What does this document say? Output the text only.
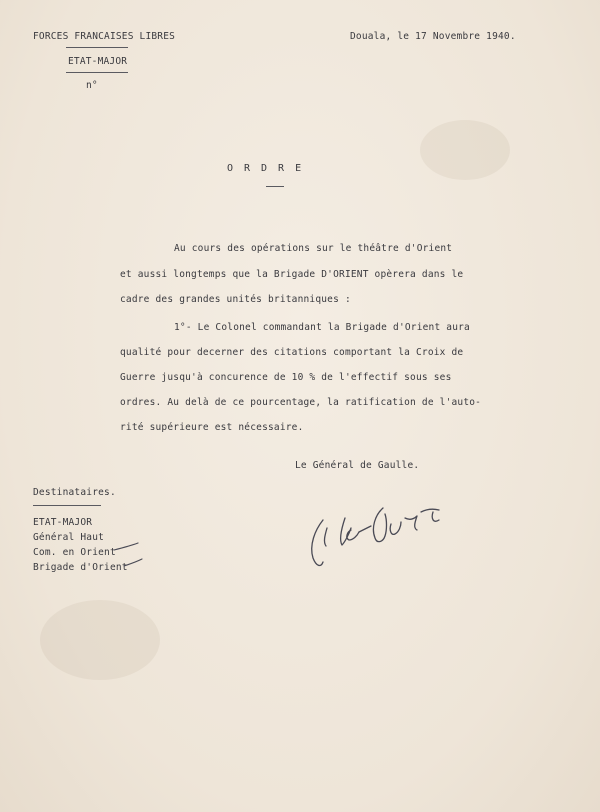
FORCES FRANCAISES LIBRES
ETAT-MAJOR
n°
Douala, le 17 Novembre 1940.
ORDRE
Au cours des opérations sur le théâtre d'Orient
et aussi longtemps que la Brigade D'ORIENT opèrera dans le
cadre des grandes unités britanniques :
1°- Le Colonel commandant la Brigade d'Orient aura
qualité pour decerner des citations comportant la Croix de
Guerre jusqu'à concurence de 10 % de l'effectif sous ses
ordres. Au delà de ce pourcentage, la ratification de l'auto-
rité supérieure est nécessaire.
Le Général de Gaulle.
Destinataires.
ETAT-MAJOR
Général Haut
Com. en Orient
Brigade d'Orient
